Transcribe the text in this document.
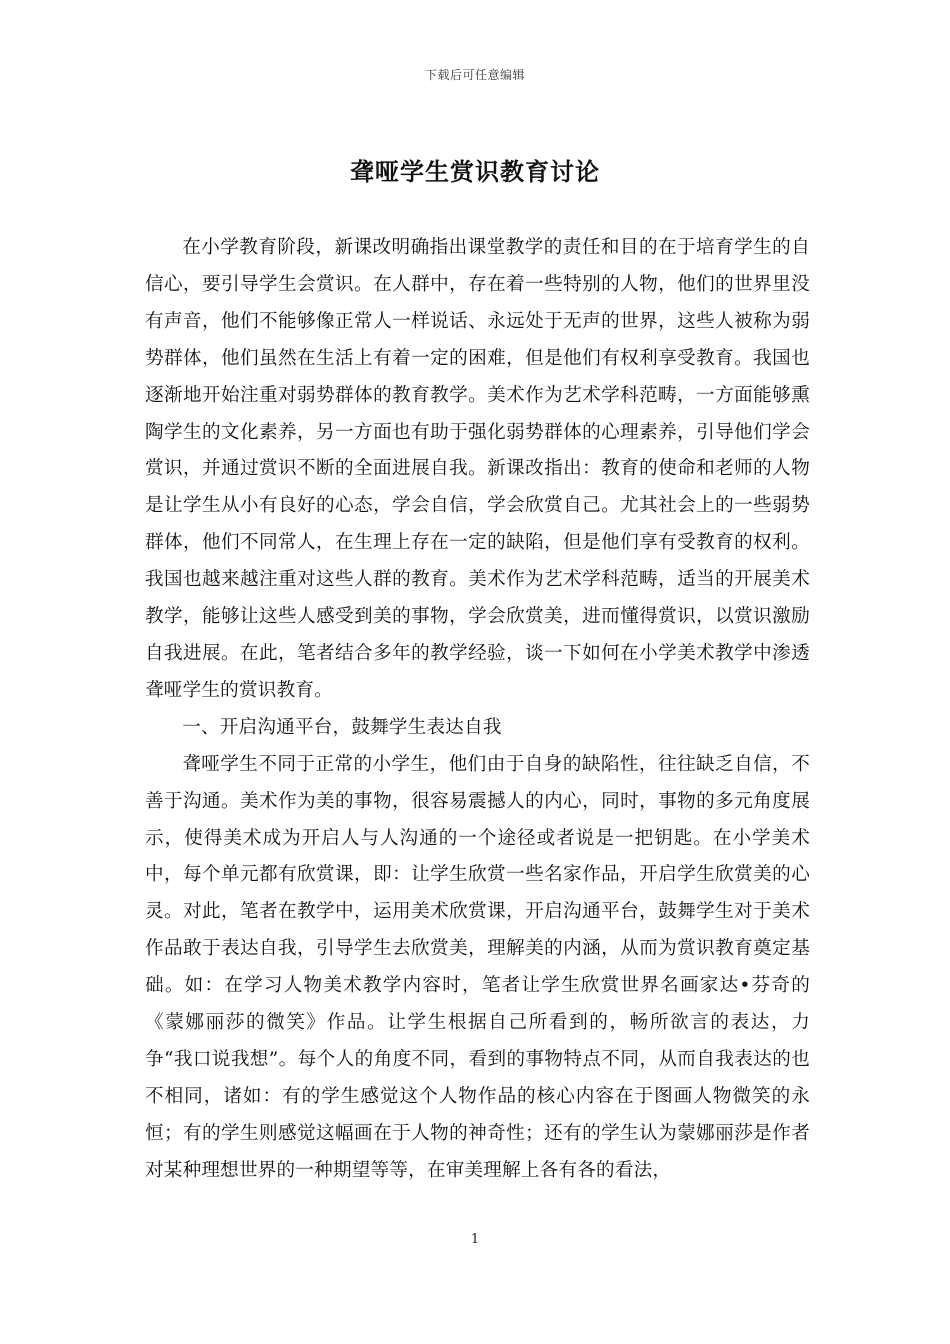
下载后可任意编辑
聋哑学生赏识教育讨论

在小学教育阶段，新课改明确指出课堂教学的责任和目的在于培育学生的自信心，要引导学生会赏识。在人群中，存在着一些特别的人物，他们的世界里没有声音，他们不能够像正常人一样说话、永远处于无声的世界，这些人被称为弱势群体，他们虽然在生活上有着一定的困难，但是他们有权利享受教育。我国也逐渐地开始注重对弱势群体的教育教学。美术作为艺术学科范畴，一方面能够熏陶学生的文化素养，另一方面也有助于强化弱势群体的心理素养，引导他们学会赏识，并通过赏识不断的全面进展自我。新课改指出：教育的使命和老师的人物是让学生从小有良好的心态，学会自信，学会欣赏自己。尤其社会上的一些弱势群体，他们不同常人，在生理上存在一定的缺陷，但是他们享有受教育的权利。我国也越来越注重对这些人群的教育。美术作为艺术学科范畴，适当的开展美术教学，能够让这些人感受到美的事物，学会欣赏美，进而懂得赏识，以赏识激励自我进展。在此，笔者结合多年的教学经验，谈一下如何在小学美术教学中渗透聋哑学生的赏识教育。

一、开启沟通平台，鼓舞学生表达自我

聋哑学生不同于正常的小学生，他们由于自身的缺陷性，往往缺乏自信，不善于沟通。美术作为美的事物，很容易震撼人的内心，同时，事物的多元角度展示，使得美术成为开启人与人沟通的一个途径或者说是一把钥匙。在小学美术中，每个单元都有欣赏课，即：让学生欣赏一些名家作品，开启学生欣赏美的心灵。对此，笔者在教学中，运用美术欣赏课，开启沟通平台，鼓舞学生对于美术作品敢于表达自我，引导学生去欣赏美，理解美的内涵，从而为赏识教育奠定基础。如：在学习人物美术教学内容时，笔者让学生欣赏世界名画家达•芬奇的《蒙娜丽莎的微笑》作品。让学生根据自己所看到的，畅所欲言的表达，力争“我口说我想”。每个人的角度不同，看到的事物特点不同，从而自我表达的也不相同，诸如：有的学生感觉这个人物作品的核心内容在于图画人物微笑的永恒；有的学生则感觉这幅画在于人物的神奇性；还有的学生认为蒙娜丽莎是作者对某种理想世界的一种期望等等，在审美理解上各有各的看法，

1
